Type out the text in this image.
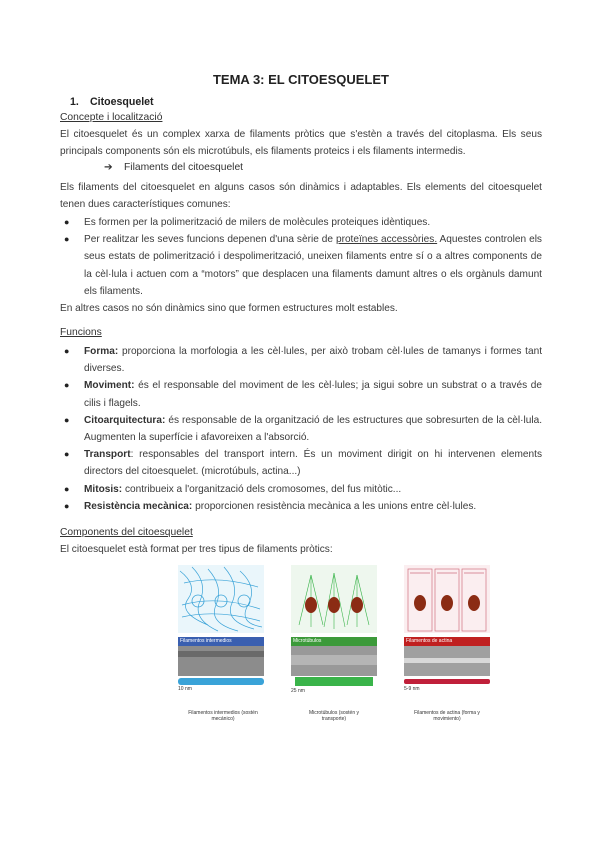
TEMA 3: EL CITOESQUELET
1. Citoesquelet
Concepte i localització
El citoesquelet és un complex xarxa de filaments pròtics que s'estèn a través del citoplasma. Els seus principals components són els microtúbuls, els filaments proteics i els filaments intermedis.
➔ Filaments del citoesquelet
Els filaments del citoesquelet en alguns casos són dinàmics i adaptables. Els elements del citoesquelet tenen dues característiques comunes:
● Es formen per la polimerització de milers de molècules proteiques idèntiques.
● Per realitzar les seves funcions depenen d'una sèrie de proteïnes accessòries. Aquestes controlen els seus estats de polimerització i despolimerització, uneixen filaments entre sí o a altres components de la cèl·lula i actuen com a “motors” que desplacen una filaments damunt altres o els orgànuls damunt els filaments.
En altres casos no són dinàmics sino que formen estructures molt estables.
Funcions
● Forma: proporciona la morfologia a les cèl·lules, per això trobam cèl·lules de tamanys i formes tant diverses.
● Moviment: és el responsable del moviment de les cèl·lules; ja sigui sobre un substrat o a través de cilis i flagels.
● Citoarquitectura: és responsable de la organització de les estructures que sobresurten de la cèl·lula. Augmenten la superfície i afavoreixen a l'absorció.
● Transport: responsables del transport intern. És un moviment dirigit on hi intervenen elements directors del citoesquelet. (microtúbuls, actina...)
● Mitosis: contribueix a l'organització dels cromosomes, del fus mitòtic...
● Resistència mecànica: proporcionen resistència mecànica a les unions entre cèl·lules.
Components del citoesquelet
El citoesquelet està format per tres tipus de filaments pròtics:
Filamentos intermedios
10 nm
Filamentos intermedios (sostén mecánico)
Microtúbulos
25 nm
Microtúbulos (sostén y transporte)
Filamentos de actina
5-9 nm
Filamentos de actina (forma y movimiento)
